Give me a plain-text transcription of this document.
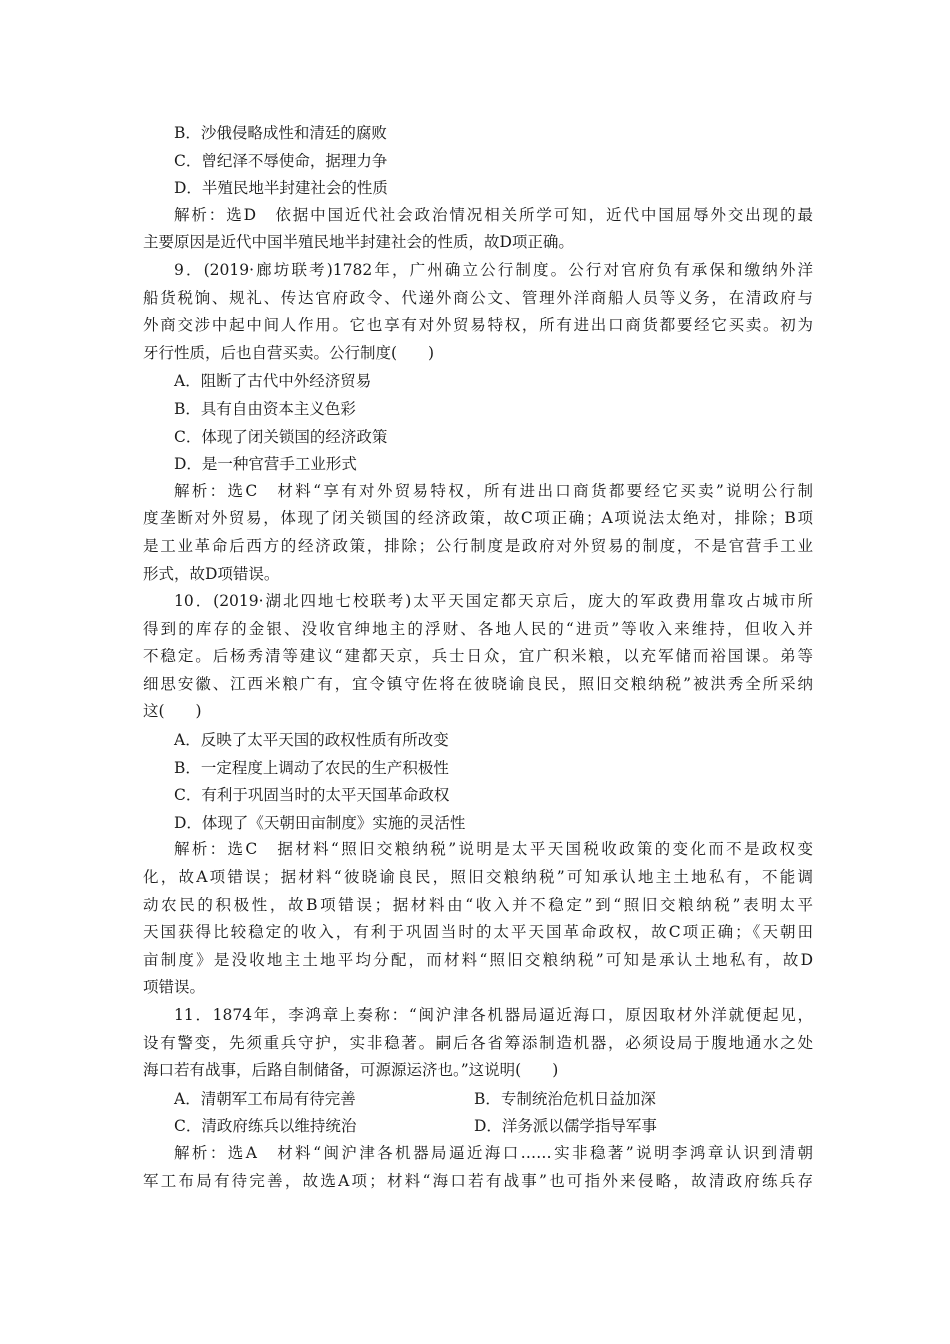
B．沙俄侵略成性和清廷的腐败
C．曾纪泽不辱使命，据理力争
D．半殖民地半封建社会的性质
解析：选D　依据中国近代社会政治情况相关所学可知，近代中国屈辱外交出现的最
主要原因是近代中国半殖民地半封建社会的性质，故D项正确。
9．(2019·廊坊联考)1782年，广州确立公行制度。公行对官府负有承保和缴纳外洋
船货税饷、规礼、传达官府政令、代递外商公文、管理外洋商船人员等义务，在清政府与
外商交涉中起中间人作用。它也享有对外贸易特权，所有进出口商货都要经它买卖。初为
牙行性质，后也自营买卖。公行制度(　　)
A．阻断了古代中外经济贸易
B．具有自由资本主义色彩
C．体现了闭关锁国的经济政策
D．是一种官营手工业形式
解析：选C　材料“享有对外贸易特权，所有进出口商货都要经它买卖”说明公行制
度垄断对外贸易，体现了闭关锁国的经济政策，故C项正确；A项说法太绝对，排除；B项
是工业革命后西方的经济政策，排除；公行制度是政府对外贸易的制度，不是官营手工业
形式，故D项错误。
10．(2019·湖北四地七校联考)太平天国定都天京后，庞大的军政费用靠攻占城市所
得到的库存的金银、没收官绅地主的浮财、各地人民的“进贡”等收入来维持，但收入并
不稳定。后杨秀清等建议“建都天京，兵士日众，宜广积米粮，以充军储而裕国课。弟等
细思安徽、江西米粮广有，宜令镇守佐将在彼晓谕良民，照旧交粮纳税”被洪秀全所采纳
这(　　)
A．反映了太平天国的政权性质有所改变
B．一定程度上调动了农民的生产积极性
C．有利于巩固当时的太平天国革命政权
D．体现了《天朝田亩制度》实施的灵活性
解析：选C　据材料“照旧交粮纳税”说明是太平天国税收政策的变化而不是政权变
化，故A项错误；据材料“彼晓谕良民，照旧交粮纳税”可知承认地主土地私有，不能调
动农民的积极性，故B项错误；据材料由“收入并不稳定”到“照旧交粮纳税”表明太平
天国获得比较稳定的收入，有利于巩固当时的太平天国革命政权，故C项正确；《天朝田
亩制度》是没收地主土地平均分配，而材料“照旧交粮纳税”可知是承认土地私有，故D
项错误。
11．1874年，李鸿章上奏称：“闽沪津各机器局逼近海口，原因取材外洋就便起见，
设有警变，先须重兵守护，实非稳著。嗣后各省筹添制造机器，必须设局于腹地通水之处
海口若有战事，后路自制储备，可源源运济也。”这说明(　　)
A．清朝军工布局有待完善	B．专制统治危机日益加深
C．清政府练兵以维持统治	D．洋务派以儒学指导军事
解析：选A　材料“闽沪津各机器局逼近海口……实非稳著”说明李鸿章认识到清朝
军工布局有待完善，故选A项；材料“海口若有战事”也可指外来侵略，故清政府练兵存
